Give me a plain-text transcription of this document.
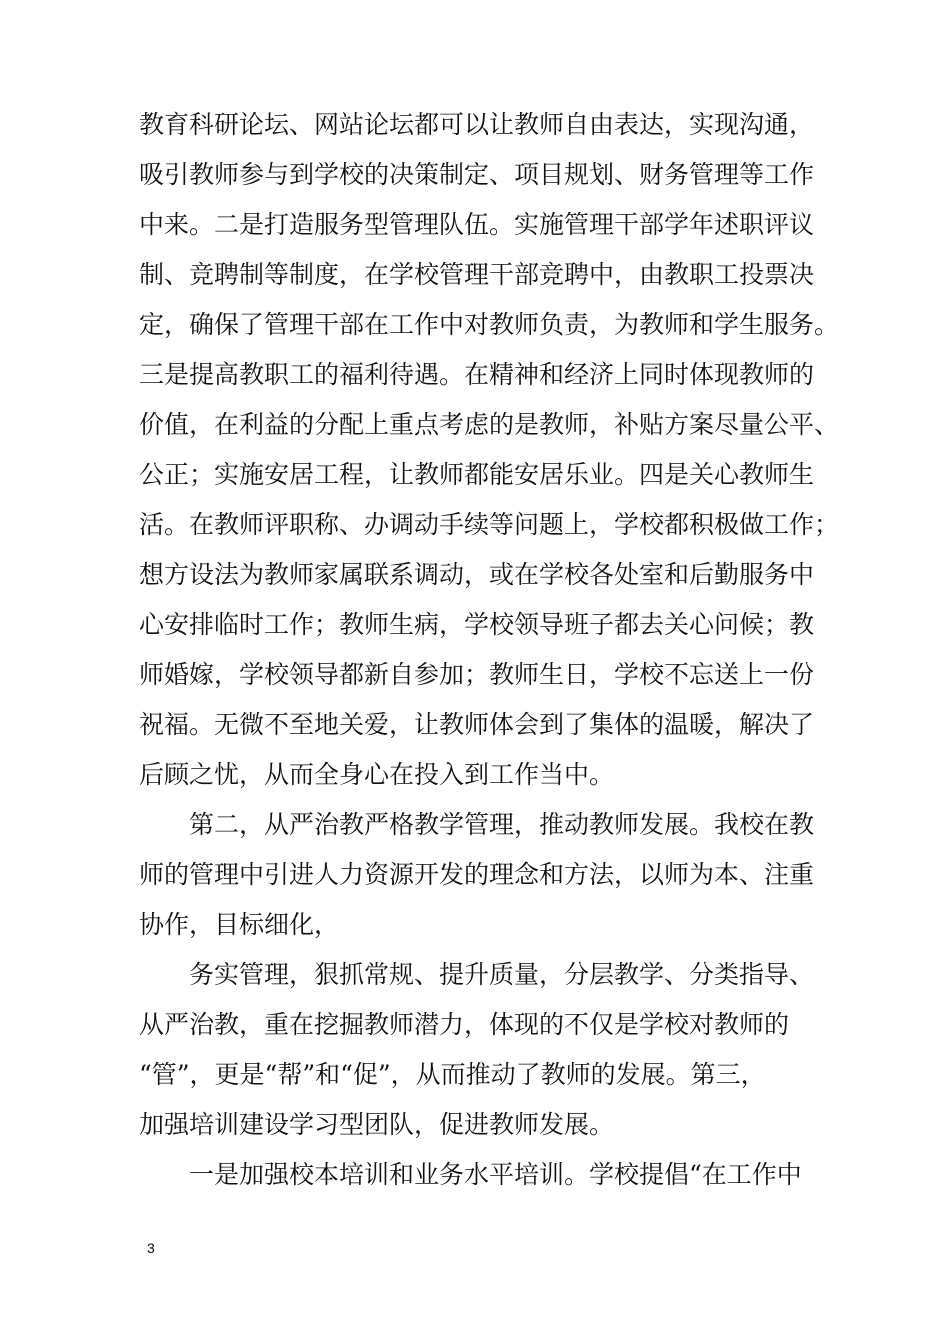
教育科研论坛、网站论坛都可以让教师自由表达，实现沟通，

吸引教师参与到学校的决策制定、项目规划、财务管理等工作

中来。二是打造服务型管理队伍。实施管理干部学年述职评议

制、竞聘制等制度，在学校管理干部竞聘中，由教职工投票决

定，确保了管理干部在工作中对教师负责，为教师和学生服务。

三是提高教职工的福利待遇。在精神和经济上同时体现教师的

价值，在利益的分配上重点考虑的是教师，补贴方案尽量公平、

公正；实施安居工程，让教师都能安居乐业。四是关心教师生

活。在教师评职称、办调动手续等问题上，学校都积极做工作；

想方设法为教师家属联系调动，或在学校各处室和后勤服务中

心安排临时工作；教师生病，学校领导班子都去关心问候；教

师婚嫁，学校领导都新自参加；教师生日，学校不忘送上一份

祝福。无微不至地关爱，让教师体会到了集体的温暖，解决了

后顾之忧，从而全身心在投入到工作当中。

第二，从严治教严格教学管理，推动教师发展。我校在教

师的管理中引进人力资源开发的理念和方法，以师为本、注重

协作，目标细化，

务实管理，狠抓常规、提升质量，分层教学、分类指导、

从严治教，重在挖掘教师潜力，体现的不仅是学校对教师的

“管”，更是“帮”和“促”，从而推动了教师的发展。第三，

加强培训建设学习型团队，促进教师发展。

一是加强校本培训和业务水平培训。学校提倡“在工作中

3
